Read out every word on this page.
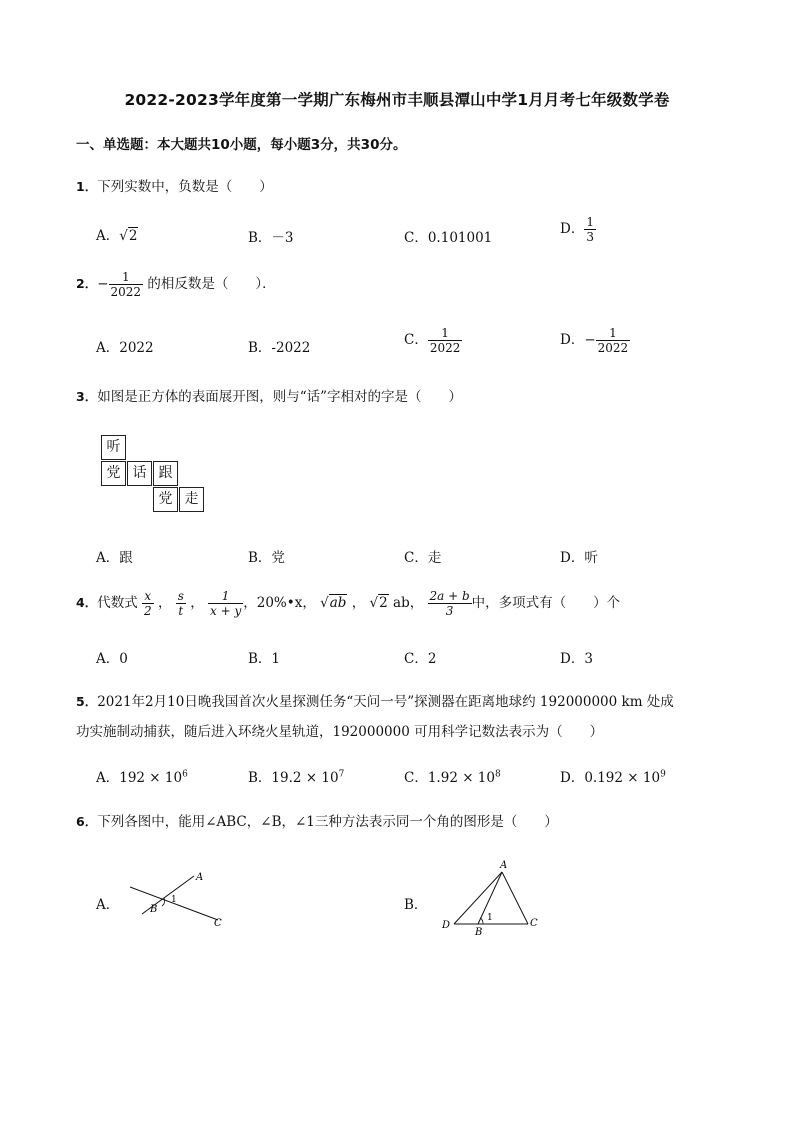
2022-2023学年度第一学期广东梅州市丰顺县潭山中学1月月考七年级数学卷
一、单选题：本大题共10小题，每小题3分，共30分。
1．下列实数中，负数是（　　）
A．√2	B．－3	C．0.101001
D． $\frac{1}{3}$
2．− $\frac{1}{2022}$ 的相反数是（　　）．
A．2022	B．-2022	C． $\frac{1}{2022}$	D．− $\frac{1}{2022}$
3．如图是正方体的表面展开图，则与“话”字相对的字是（　　）
听
党 话 跟
党 走
A．跟	B．党	C．走	D．听
4．代数式 $\frac{x}{2}$ ， $\frac{s}{t}$ ， $\frac{1}{x + y}$ ，20%•x， √ab ， √2 ab， $\frac{2a + b}{3}$ 中，多项式有（　　）个
A．0	B．1	C．2	D．3
5．2021年2月10日晚我国首次火星探测任务“天问一号”探测器在距离地球约 192000000 km 处成
功实施制动捕获，随后进入环绕火星轨道，192000000 可用科学记数法表示为（　　）
A．$192 \times 10^6$	B．$19.2 \times 10^7$	C．$1.92 \times 10^8$	D．$0.192 \times 10^9$
6．下列各图中，能用∠ABC，∠B，∠1三种方法表示同一个角的图形是（　　）
A．
A
B
C
1	B．
A
B
C
D
1
